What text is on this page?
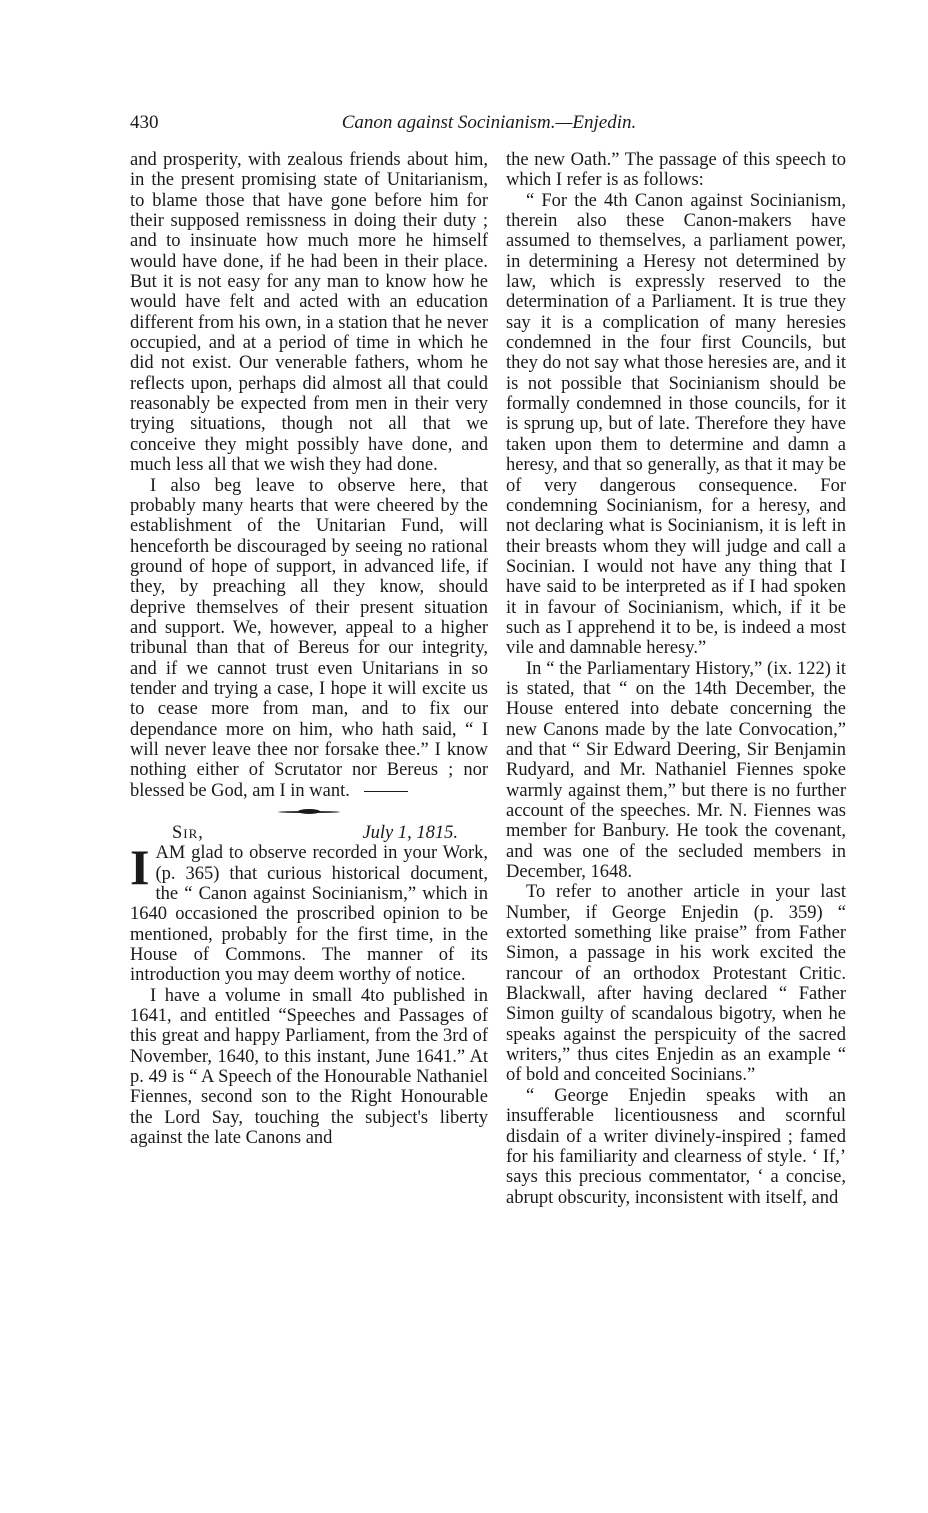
430	Canon against Socinianism.—Enjedin.

and prosperity, with zealous friends about him, in the present promising state of Unitarianism, to blame those that have gone before him for their supposed remissness in doing their duty ; and to insinuate how much more he himself would have done, if he had been in their place. But it is not easy for any man to know how he would have felt and acted with an education different from his own, in a station that he never occupied, and at a period of time in which he did not exist. Our venerable fathers, whom he reflects upon, perhaps did almost all that could reasonably be expected from men in their very trying situations, though not all that we conceive they might possibly have done, and much less all that we wish they had done.

I also beg leave to observe here, that probably many hearts that were cheered by the establishment of the Unitarian Fund, will henceforth be discouraged by seeing no rational ground of hope of support, in advanced life, if they, by preaching all they know, should deprive themselves of their present situation and support. We, however, appeal to a higher tribunal than that of Bereus for our integrity, and if we cannot trust even Unitarians in so tender and trying a case, I hope it will excite us to cease more from man, and to fix our dependance more on him, who hath said, “ I will never leave thee nor forsake thee.” I know nothing either of Scrutator nor Bereus ; nor blessed be God, am I in want.

Sir,	July 1, 1815.

IAM glad to observe recorded in your Work, (p. 365) that curious historical document, the “ Canon against Socinianism,” which in 1640 occasioned the proscribed opinion to be mentioned, probably for the first time, in the House of Commons. The manner of its introduction you may deem worthy of notice.

I have a volume in small 4to published in 1641, and entitled “Speeches and Passages of this great and happy Parliament, from the 3rd of November, 1640, to this instant, June 1641.” At p. 49 is “ A Speech of the Honourable Nathaniel Fiennes, second son to the Right Honourable the Lord Say, touching the subject's liberty against the late Canons and

the new Oath.” The passage of this speech to which I refer is as follows:

“ For the 4th Canon against Socinianism, therein also these Canon-makers have assumed to themselves, a parliament power, in determining a Heresy not determined by law, which is expressly reserved to the determination of a Parliament. It is true they say it is a complication of many heresies condemned in the four first Councils, but they do not say what those heresies are, and it is not possible that Socinianism should be formally condemned in those councils, for it is sprung up, but of late. Therefore they have taken upon them to determine and damn a heresy, and that so generally, as that it may be of very dangerous consequence. For condemning Socinianism, for a heresy, and not declaring what is Socinianism, it is left in their breasts whom they will judge and call a Socinian. I would not have any thing that I have said to be interpreted as if I had spoken it in favour of Socinianism, which, if it be such as I apprehend it to be, is indeed a most vile and damnable heresy.”

In “ the Parliamentary History,” (ix. 122) it is stated, that “ on the 14th December, the House entered into debate concerning the new Canons made by the late Convocation,” and that “ Sir Edward Deering, Sir Benjamin Rudyard, and Mr. Nathaniel Fiennes spoke warmly against them,” but there is no further account of the speeches. Mr. N. Fiennes was member for Banbury. He took the covenant, and was one of the secluded members in December, 1648.

To refer to another article in your last Number, if George Enjedin (p. 359) “ extorted something like praise” from Father Simon, a passage in his work excited the rancour of an orthodox Protestant Critic. Blackwall, after having declared “ Father Simon guilty of scandalous bigotry, when he speaks against the perspicuity of the sacred writers,” thus cites Enjedin as an example “ of bold and conceited Socinians.”

“ George Enjedin speaks with an insufferable licentiousness and scornful disdain of a writer divinely-inspired ; famed for his familiarity and clearness of style. ‘ If,’ says this precious commentator, ‘ a concise, abrupt obscurity, inconsistent with itself, and
